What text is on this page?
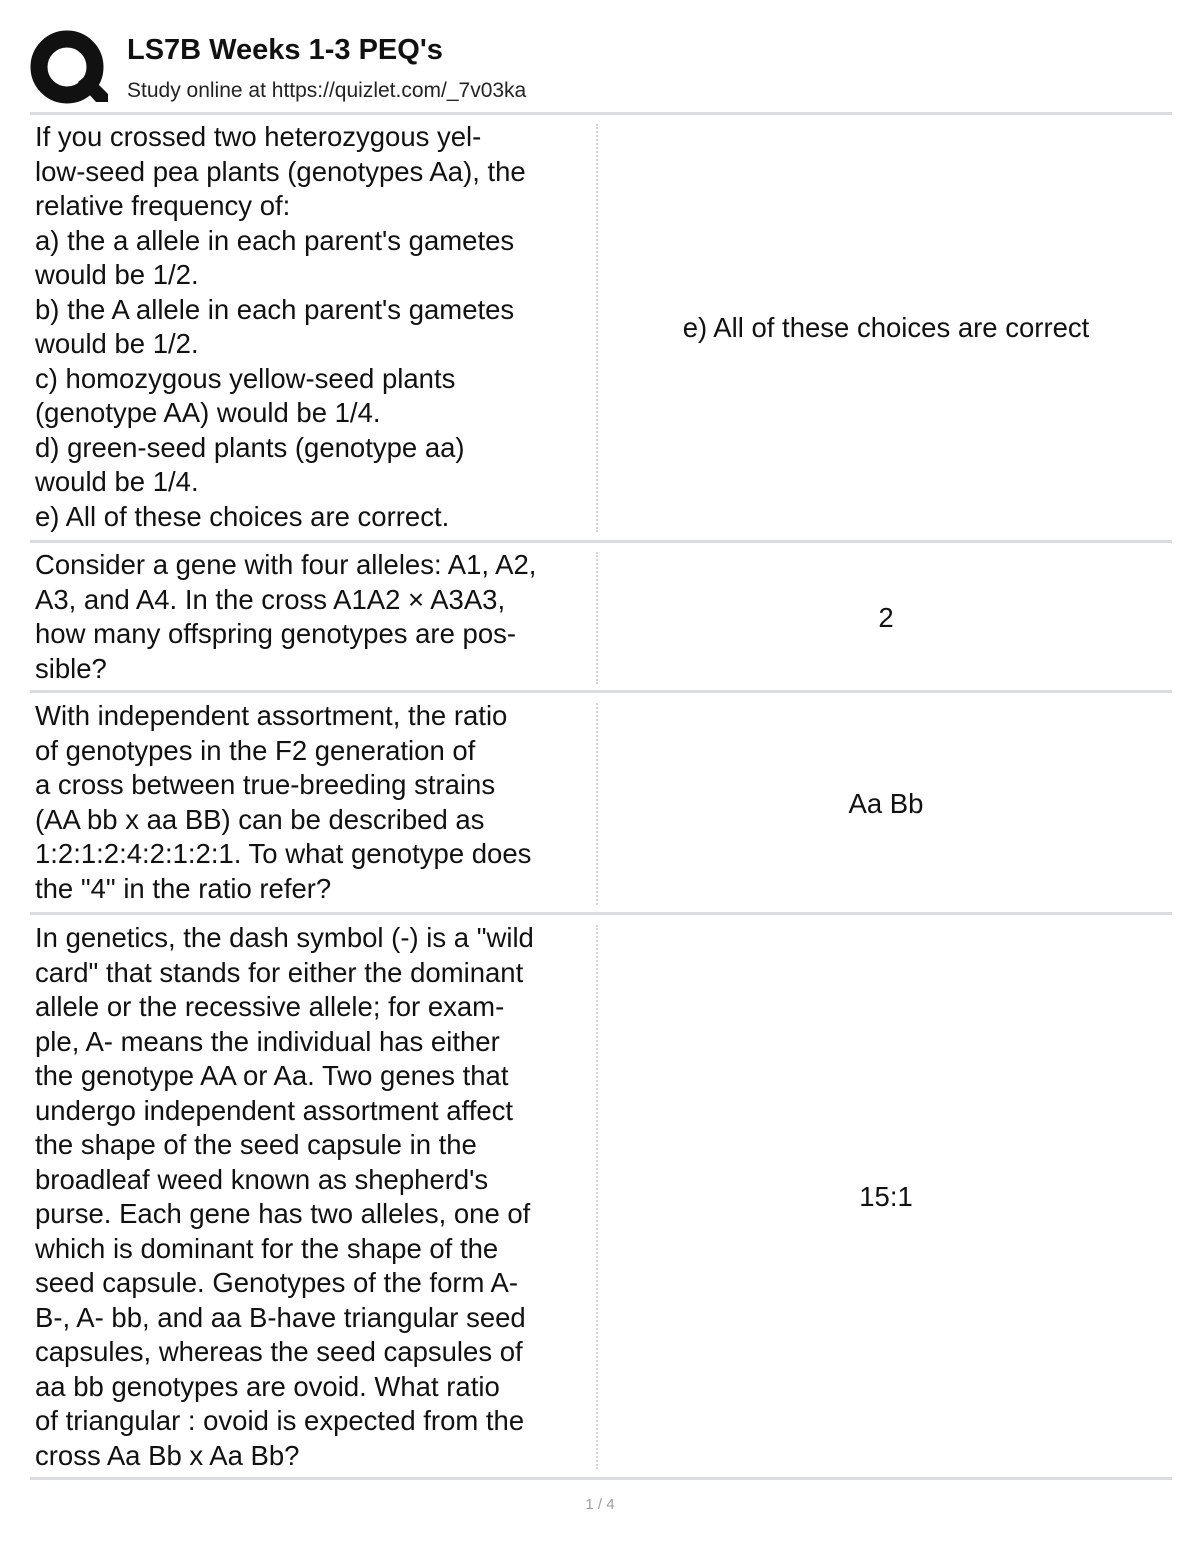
LS7B Weeks 1-3 PEQ's
Study online at https://quizlet.com/_7v03ka
If you crossed two heterozygous yel-
low-seed pea plants (genotypes Aa), the
relative frequency of:
a) the a allele in each parent's gametes
would be 1/2.
b) the A allele in each parent's gametes
would be 1/2.
c) homozygous yellow-seed plants
(genotype AA) would be 1/4.
d) green-seed plants (genotype aa)
would be 1/4.
e) All of these choices are correct.
e) All of these choices are correct
Consider a gene with four alleles: A1, A2,
A3, and A4. In the cross A1A2 × A3A3,
how many offspring genotypes are pos-
sible?
2
With independent assortment, the ratio
of genotypes in the F2 generation of
a cross between true-breeding strains
(AA bb x aa BB) can be described as
1:2:1:2:4:2:1:2:1. To what genotype does
the "4" in the ratio refer?
Aa Bb
In genetics, the dash symbol (-) is a "wild
card" that stands for either the dominant
allele or the recessive allele; for exam-
ple, A- means the individual has either
the genotype AA or Aa. Two genes that
undergo independent assortment affect
the shape of the seed capsule in the
broadleaf weed known as shepherd's
purse. Each gene has two alleles, one of
which is dominant for the shape of the
seed capsule. Genotypes of the form A-
B-, A- bb, and aa B-have triangular seed
capsules, whereas the seed capsules of
aa bb genotypes are ovoid. What ratio
of triangular : ovoid is expected from the
cross Aa Bb x Aa Bb?
15:1
1 / 4
